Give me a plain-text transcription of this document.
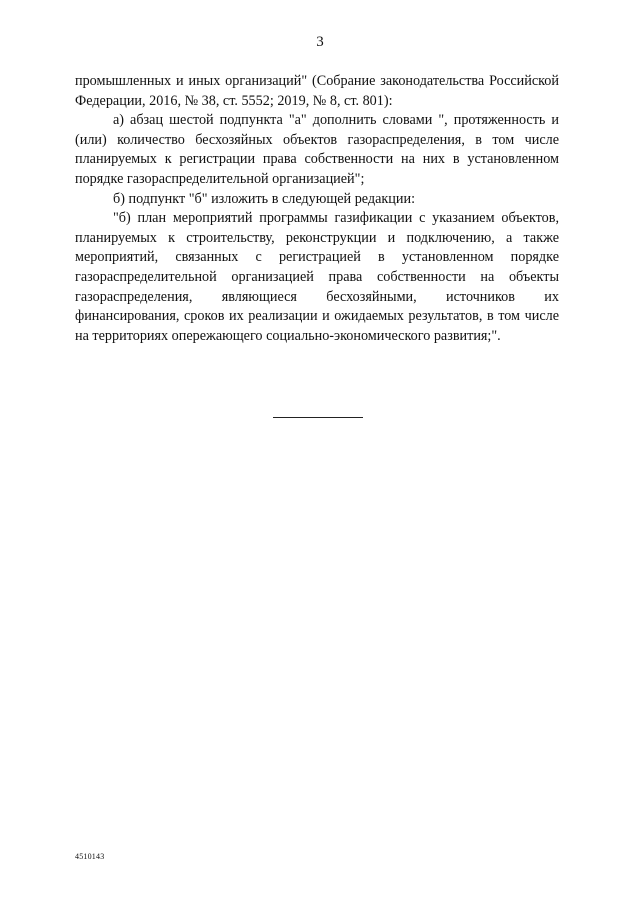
3

промышленных и иных организаций" (Собрание законодательства Российской Федерации, 2016, № 38, ст. 5552; 2019, № 8, ст. 801):

а) абзац шестой подпункта "а" дополнить словами ", протяженность и (или) количество бесхозяйных объектов газораспределения, в том числе планируемых к регистрации права собственности на них в установленном порядке газораспределительной организацией";

б) подпункт "б" изложить в следующей редакции:

"б) план мероприятий программы газификации с указанием объектов, планируемых к строительству, реконструкции и подключению, а также мероприятий, связанных с регистрацией в установленном порядке газораспределительной организацией права собственности на объекты газораспределения, являющиеся бесхозяйными, источников их финансирования, сроков их реализации и ожидаемых результатов, в том числе на территориях опережающего социально-экономического развития;".

4510143
